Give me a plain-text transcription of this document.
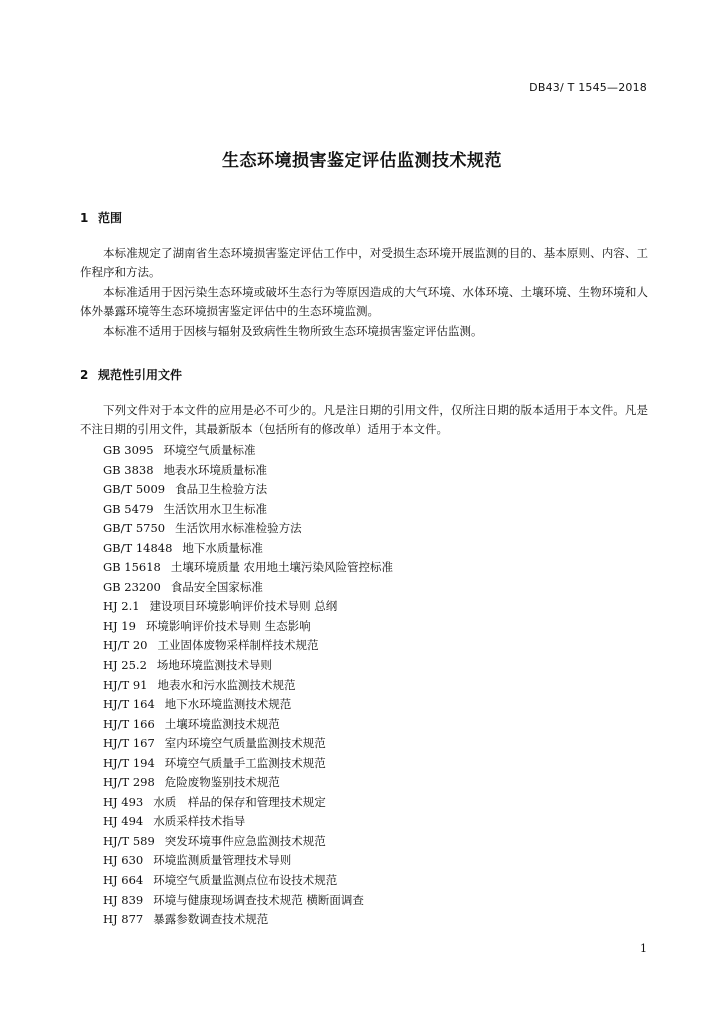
DB43/ T 1545—2018
生态环境损害鉴定评估监测技术规范
1 范围
本标准规定了湖南省生态环境损害鉴定评估工作中，对受损生态环境开展监测的目的、基本原则、内容、工作程序和方法。
本标准适用于因污染生态环境或破坏生态行为等原因造成的大气环境、水体环境、土壤环境、生物环境和人体外暴露环境等生态环境损害鉴定评估中的生态环境监测。
本标准不适用于因核与辐射及致病性生物所致生态环境损害鉴定评估监测。
2 规范性引用文件
下列文件对于本文件的应用是必不可少的。凡是注日期的引用文件，仅所注日期的版本适用于本文件。凡是不注日期的引用文件，其最新版本（包括所有的修改单）适用于本文件。
GB 3095 环境空气质量标准
GB 3838 地表水环境质量标准
GB/T 5009 食品卫生检验方法
GB 5479 生活饮用水卫生标准
GB/T 5750 生活饮用水标准检验方法
GB/T 14848 地下水质量标准
GB 15618 土壤环境质量 农用地土壤污染风险管控标准
GB 23200 食品安全国家标准
HJ 2.1 建设项目环境影响评价技术导则 总纲
HJ 19 环境影响评价技术导则 生态影响
HJ/T 20 工业固体废物采样制样技术规范
HJ 25.2 场地环境监测技术导则
HJ/T 91 地表水和污水监测技术规范
HJ/T 164 地下水环境监测技术规范
HJ/T 166 土壤环境监测技术规范
HJ/T 167 室内环境空气质量监测技术规范
HJ/T 194 环境空气质量手工监测技术规范
HJ/T 298 危险废物鉴别技术规范
HJ 493 水质　样品的保存和管理技术规定
HJ 494 水质采样技术指导
HJ/T 589 突发环境事件应急监测技术规范
HJ 630 环境监测质量管理技术导则
HJ 664 环境空气质量监测点位布设技术规范
HJ 839 环境与健康现场调查技术规范 横断面调查
HJ 877 暴露参数调查技术规范
1
